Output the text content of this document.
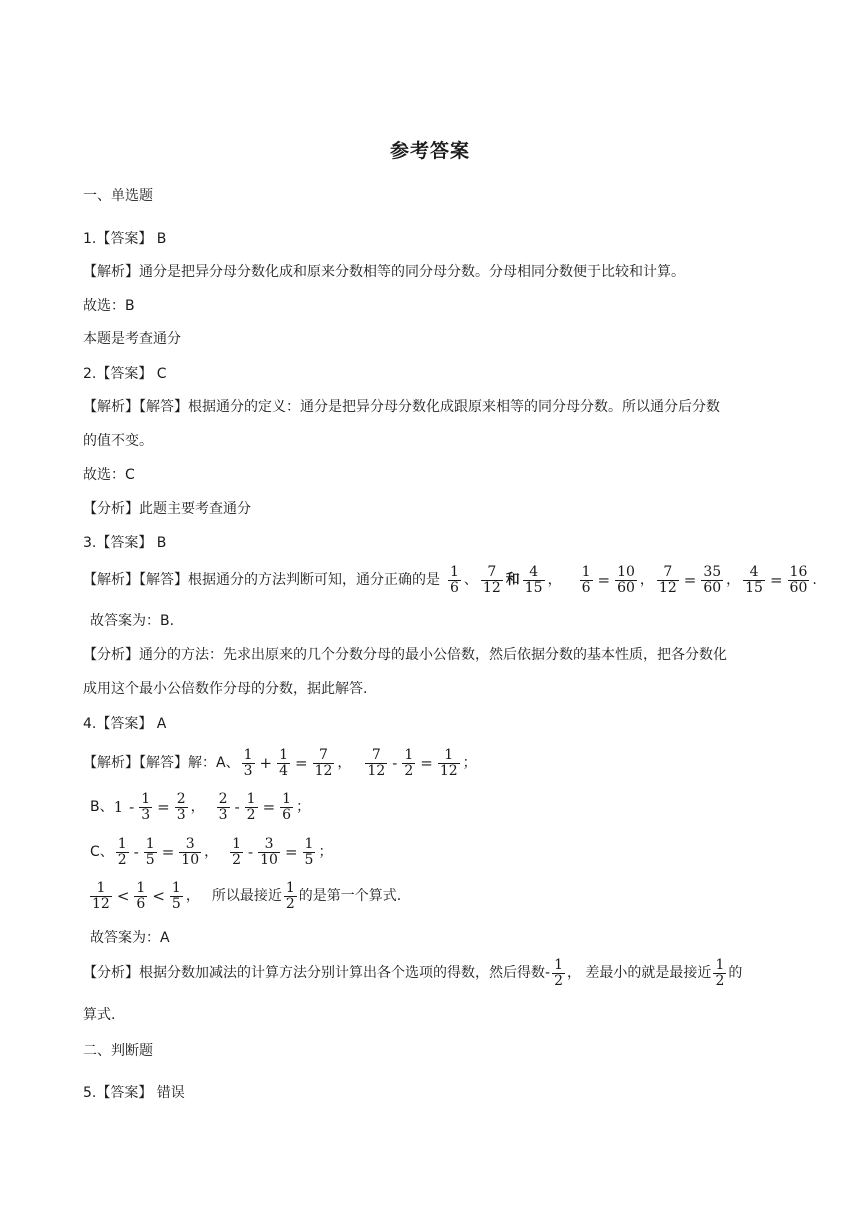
参考答案
一、单选题
1.【答案】 B
【解析】通分是把异分母分数化成和原来分数相等的同分母分数。分母相同分数便于比较和计算。
故选：B
本题是考查通分
2.【答案】 C
【解析】【解答】根据通分的定义：通分是把异分母分数化成跟原来相等的同分母分数。所以通分后分数
的值不变。
故选：C
【分析】此题主要考查通分
3.【答案】 B
【解析】【解答】根据通分的方法判断可知，通分正确的是 $\frac{1}{6}$ 、 $\frac{7}{12}$ 和 $\frac{4}{15}$ ， $\frac{1}{6} = \frac{10}{60}$ ， $\frac{7}{12} = \frac{35}{60}$ ， $\frac{4}{15} = \frac{16}{60}$ .
故答案为：B.
【分析】通分的方法：先求出原来的几个分数分母的最小公倍数，然后依据分数的基本性质，把各分数化
成用这个最小公倍数作分母的分数，据此解答.
4.【答案】 A
【解析】【解答】解：A、 $\frac{1}{3} + \frac{1}{4} = \frac{7}{12}$ ， $\frac{7}{12} - \frac{1}{2} = \frac{1}{12}$ ；
B、 $1 - \frac{1}{3} = \frac{2}{3}$ ， $\frac{2}{3} - \frac{1}{2} = \frac{1}{6}$ ；
C、 $\frac{1}{2} - \frac{1}{5} = \frac{3}{10}$ ， $\frac{1}{2} - \frac{3}{10} = \frac{1}{5}$ ；
$\frac{1}{12} < \frac{1}{6} < \frac{1}{5}$ ， 所以最接近 $\frac{1}{2}$ 的是第一个算式.
故答案为：A
【分析】根据分数加减法的计算方法分别计算出各个选项的得数，然后得数- $\frac{1}{2}$ ， 差最小的就是最接近 $\frac{1}{2}$ 的
算式.
二、判断题
5.【答案】 错误
